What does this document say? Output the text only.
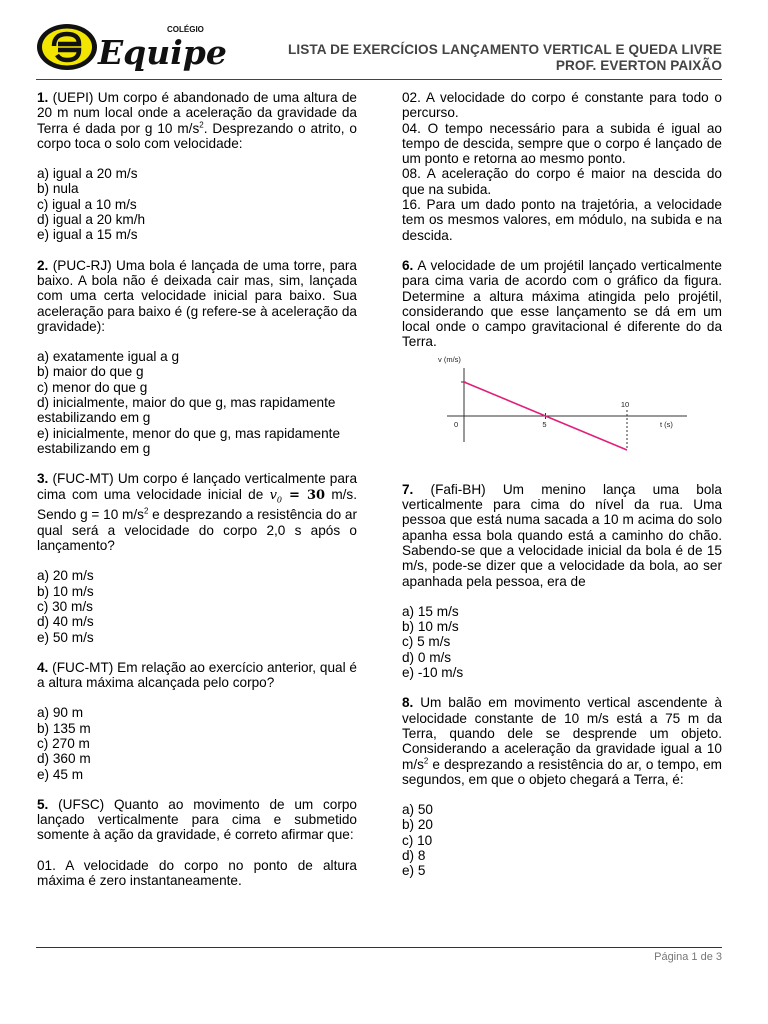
COLÉGIO
Equipe	LISTA DE EXERCÍCIOS LANÇAMENTO VERTICAL E QUEDA LIVRE
PROF. EVERTON PAIXÃO

1. (UEPI) Um corpo é abandonado de uma altura de 20 m num local onde a aceleração da gravidade da Terra é dada por g 10 $m/s^2$. Desprezando o atrito, o corpo toca o solo com velocidade:

a) igual a 20 m/s
b) nula
c) igual a 10 m/s
d) igual a 20 km/h
e) igual a 15 m/s

2. (PUC-RJ) Uma bola é lançada de uma torre, para baixo. A bola não é deixada cair mas, sim, lançada com uma certa velocidade inicial para baixo. Sua aceleração para baixo é (g refere-se à aceleração da gravidade):

a) exatamente igual a g
b) maior do que g
c) menor do que g
d) inicialmente, maior do que g, mas rapidamente estabilizando em g
e) inicialmente, menor do que g, mas rapidamente estabilizando em g

3. (FUC-MT) Um corpo é lançado verticalmente para cima com uma velocidade inicial de $v_0 = 30$ m/s. Sendo g = 10 $m/s^2$ e desprezando a resistência do ar qual será a velocidade do corpo 2,0 s após o lançamento?

a) 20 m/s
b) 10 m/s
c) 30 m/s
d) 40 m/s
e) 50 m/s

4. (FUC-MT) Em relação ao exercício anterior, qual é a altura máxima alcançada pelo corpo?

a) 90 m
b) 135 m
c) 270 m
d) 360 m
e) 45 m

5. (UFSC) Quanto ao movimento de um corpo lançado verticalmente para cima e submetido somente à ação da gravidade, é correto afirmar que:

01. A velocidade do corpo no ponto de altura máxima é zero instantaneamente.

02. A velocidade do corpo é constante para todo o percurso.

04. O tempo necessário para a subida é igual ao tempo de descida, sempre que o corpo é lançado de um ponto e retorna ao mesmo ponto.

08. A aceleração do corpo é maior na descida do que na subida.

16. Para um dado ponto na trajetória, a velocidade tem os mesmos valores, em módulo, na subida e na descida.

6. A velocidade de um projétil lançado verticalmente para cima varia de acordo com o gráfico da figura. Determine a altura máxima atingida pelo projétil, considerando que esse lançamento se dá em um local onde o campo gravitacional é diferente do da Terra.

v (m/s)
t (s)
0	5
10

7. (Fafi-BH) Um menino lança uma bola verticalmente para cima do nível da rua. Uma pessoa que está numa sacada a 10 m acima do solo apanha essa bola quando está a caminho do chão. Sabendo-se que a velocidade inicial da bola é de 15 m/s, pode-se dizer que a velocidade da bola, ao ser apanhada pela pessoa, era de

a) 15 m/s
b) 10 m/s
c) 5 m/s
d) 0 m/s
e) -10 m/s

8. Um balão em movimento vertical ascendente à velocidade constante de 10 m/s está a 75 m da Terra, quando dele se desprende um objeto. Considerando a aceleração da gravidade igual a 10 $m/s^2$ e desprezando a resistência do ar, o tempo, em segundos, em que o objeto chegará a Terra, é:

a) 50
b) 20
c) 10
d) 8
e) 5
Página 1 de 3
